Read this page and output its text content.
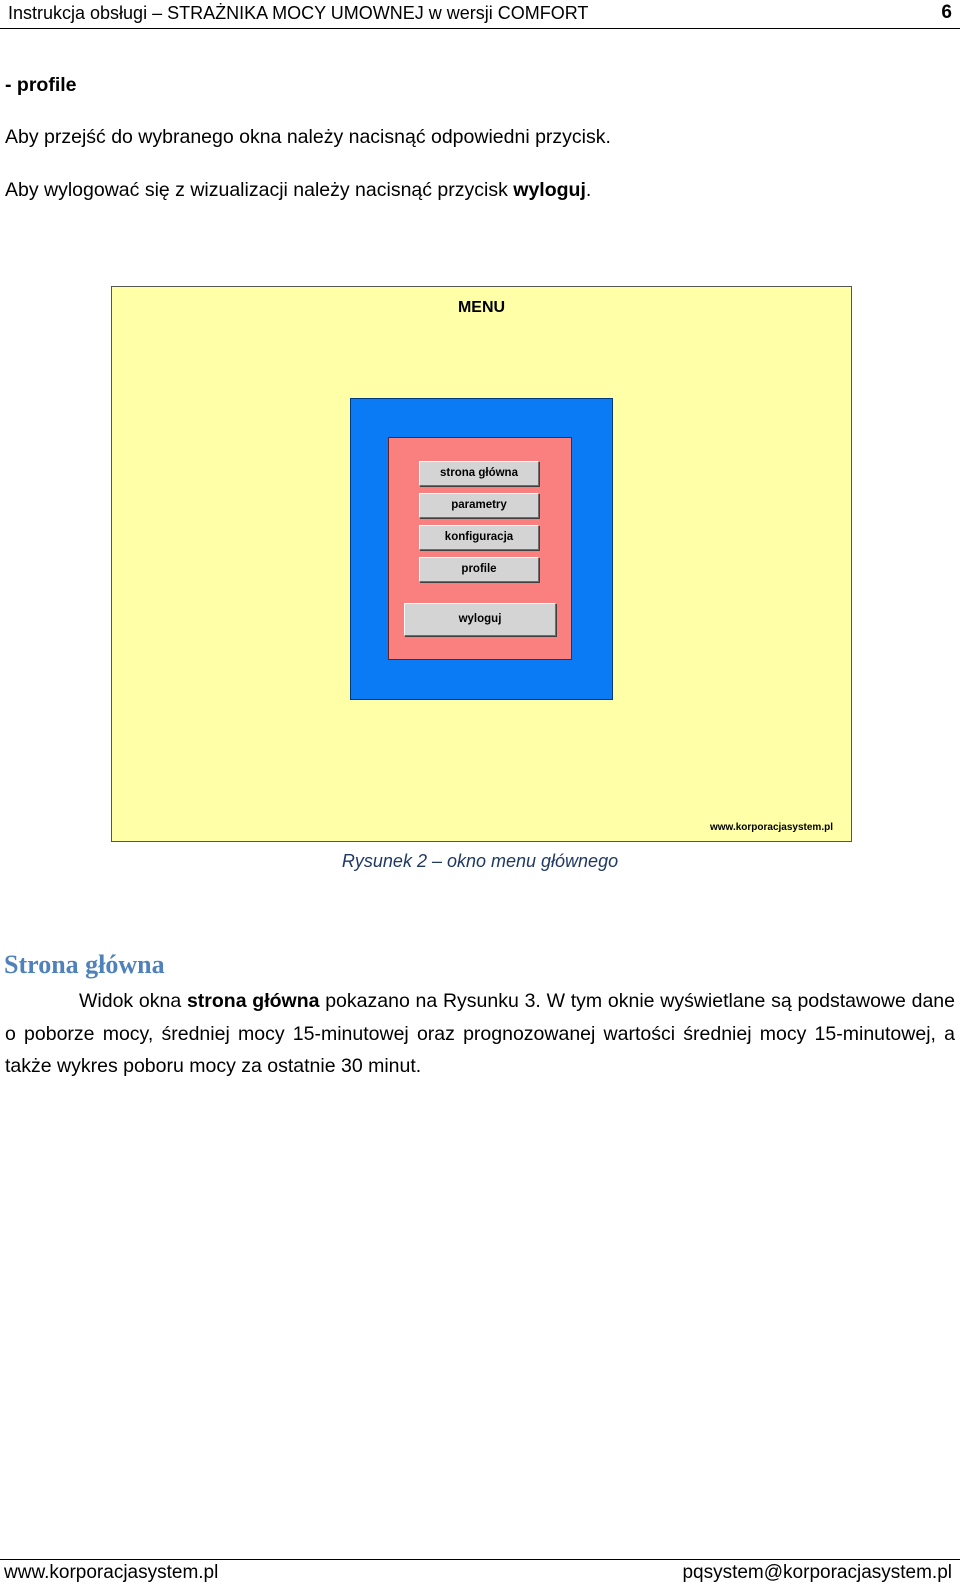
Instrukcja obsługi – STRAŻNIKA MOCY UMOWNEJ w wersji COMFORT	6
- profile
Aby przejść do wybranego okna należy nacisnąć odpowiedni przycisk.
Aby wylogować się z wizualizacji należy nacisnąć przycisk wyloguj.
MENU
strona główna
parametry
konfiguracja
profile
wyloguj
www.korporacjasystem.pl
Rysunek 2 – okno menu głównego
Strona główna
Widok okna strona główna pokazano na Rysunku 3. W tym oknie wyświetlane są podstawowe dane o poborze mocy, średniej mocy 15-minutowej oraz prognozowanej wartości średniej mocy 15-minutowej, a także wykres poboru mocy za ostatnie 30 minut.
www.korporacjasystem.pl	pqsystem@korporacjasystem.pl
